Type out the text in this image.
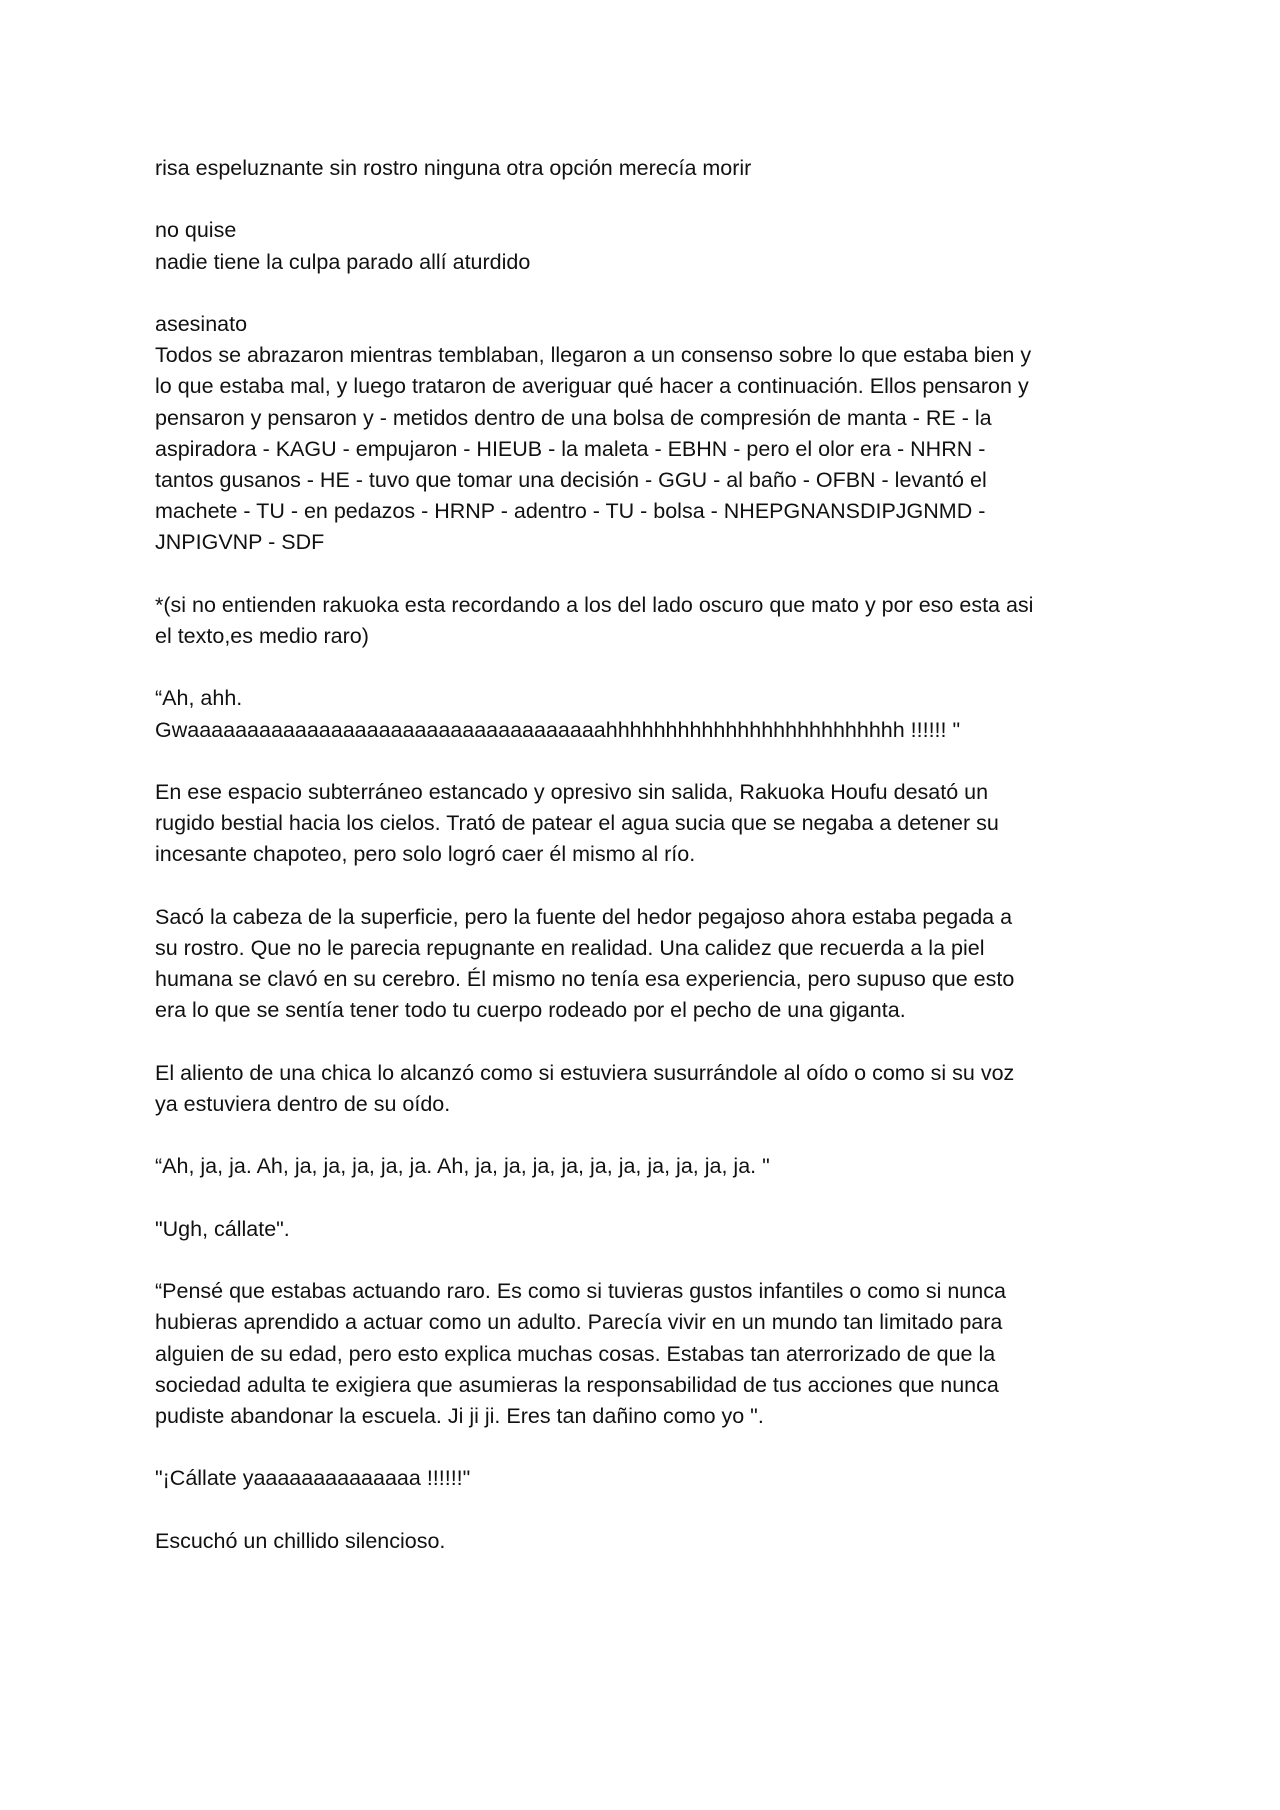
risa espeluznante sin rostro ninguna otra opción merecía morir
no quise
nadie tiene la culpa parado allí aturdido
asesinato
Todos se abrazaron mientras temblaban, llegaron a un consenso sobre lo que estaba bien y
lo que estaba mal, y luego trataron de averiguar qué hacer a continuación. Ellos pensaron y
pensaron y pensaron y - metidos dentro de una bolsa de compresión de manta - RE - la
aspiradora - KAGU - empujaron - HIEUB - la maleta - EBHN - pero el olor era - NHRN -
tantos gusanos - HE - tuvo que tomar una decisión - GGU - al baño - OFBN - levantó el
machete - TU - en pedazos - HRNP - adentro - TU - bolsa - NHEPGNANSDIPJGNMD -
JNPIGVNP - SDF
*(si no entienden rakuoka esta recordando a los del lado oscuro que mato y por eso esta asi
el texto,es medio raro)
“Ah, ahh.
Gwaaaaaaaaaaaaaaaaaaaaaaaaaaaaaaaaaaahhhhhhhhhhhhhhhhhhhhhhhhh !!!!!! "
En ese espacio subterráneo estancado y opresivo sin salida, Rakuoka Houfu desató un
rugido bestial hacia los cielos. Trató de patear el agua sucia que se negaba a detener su
incesante chapoteo, pero solo logró caer él mismo al río.
Sacó la cabeza de la superficie, pero la fuente del hedor pegajoso ahora estaba pegada a
su rostro. Que no le parecia repugnante en realidad. Una calidez que recuerda a la piel
humana se clavó en su cerebro. Él mismo no tenía esa experiencia, pero supuso que esto
era lo que se sentía tener todo tu cuerpo rodeado por el pecho de una giganta.
El aliento de una chica lo alcanzó como si estuviera susurrándole al oído o como si su voz
ya estuviera dentro de su oído.
“Ah, ja, ja. Ah, ja, ja, ja, ja, ja. Ah, ja, ja, ja, ja, ja, ja, ja, ja, ja, ja. "
"Ugh, cállate".
“Pensé que estabas actuando raro. Es como si tuvieras gustos infantiles o como si nunca
hubieras aprendido a actuar como un adulto. Parecía vivir en un mundo tan limitado para
alguien de su edad, pero esto explica muchas cosas. Estabas tan aterrorizado de que la
sociedad adulta te exigiera que asumieras la responsabilidad de tus acciones que nunca
pudiste abandonar la escuela. Ji ji ji. Eres tan dañino como yo ".
"¡Cállate yaaaaaaaaaaaaaa !!!!!!"
Escuchó un chillido silencioso.
